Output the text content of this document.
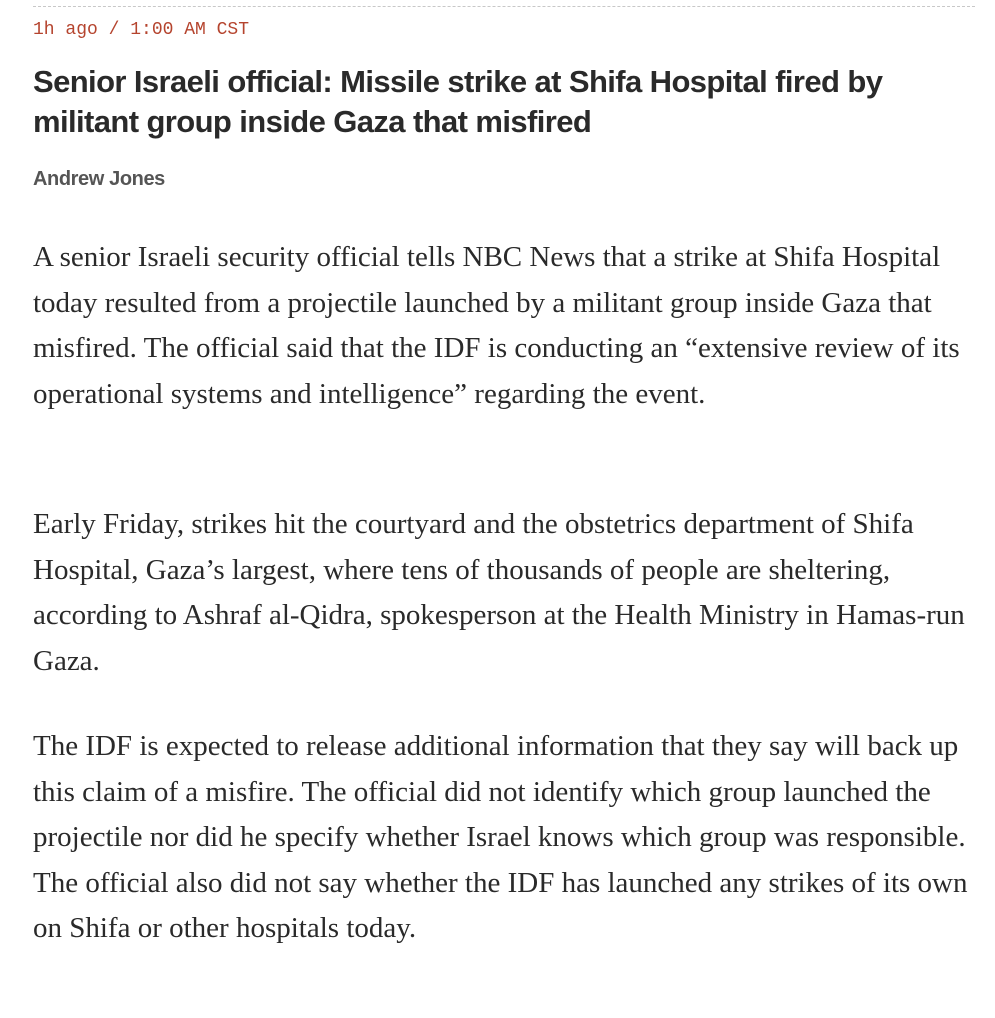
1h ago / 1:00 AM CST
Senior Israeli official: Missile strike at Shifa Hospital fired by militant group inside Gaza that misfired
Andrew Jones

A senior Israeli security official tells NBC News that a strike at Shifa Hospital today resulted from a projectile launched by a militant group inside Gaza that misfired. The official said that the IDF is conducting an “extensive review of its operational systems and intelligence” regarding the event.

Early Friday, strikes hit the courtyard and the obstetrics department of Shifa Hospital, Gaza’s largest, where tens of thousands of people are sheltering, according to Ashraf al-Qidra, spokesperson at the Health Ministry in Hamas-run Gaza.

The IDF is expected to release additional information that they say will back up this claim of a misfire. The official did not identify which group launched the projectile nor did he specify whether Israel knows which group was responsible. The official also did not say whether the IDF has launched any strikes of its own on Shifa or other hospitals today.
